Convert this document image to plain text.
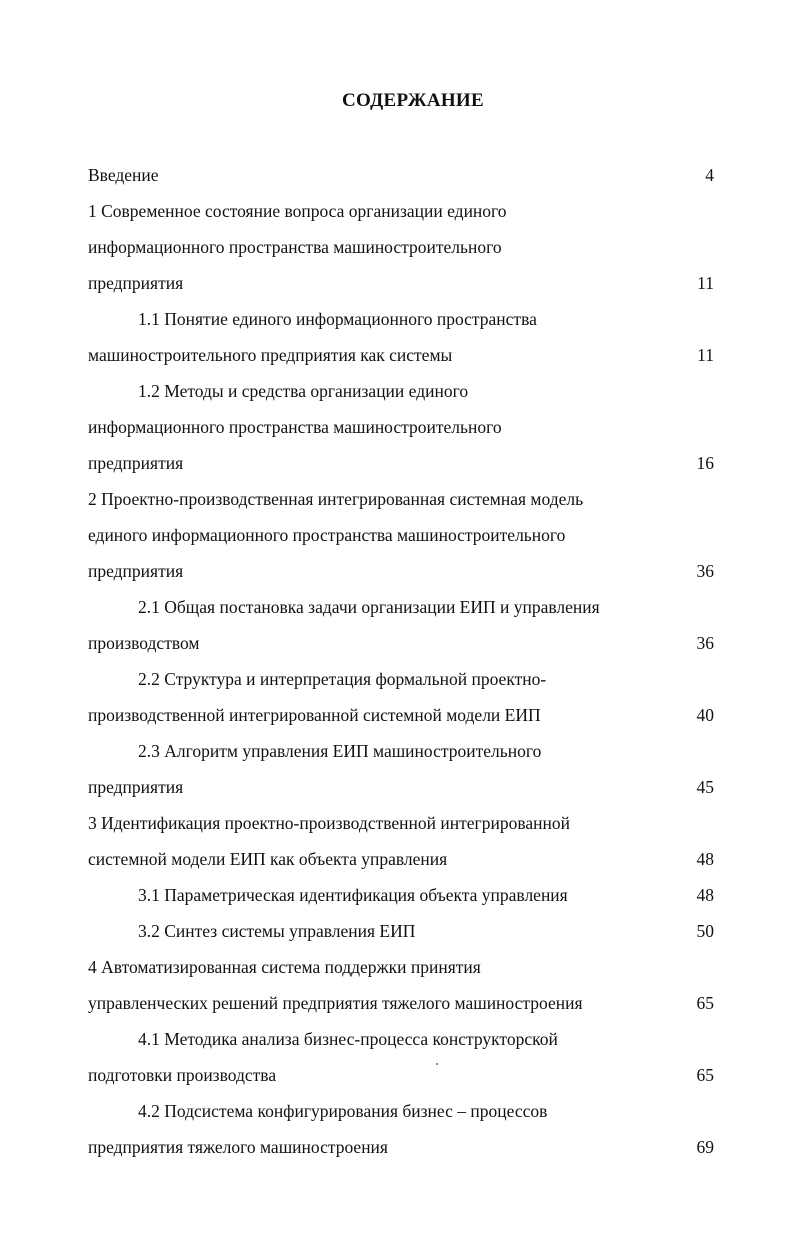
СОДЕРЖАНИЕ
Введение	4
1 Современное состояние вопроса организации единого
информационного пространства машиностроительного
предприятия	11
1.1 Понятие единого информационного пространства
машиностроительного предприятия как системы	11
1.2 Методы и средства организации единого
информационного пространства машиностроительного
предприятия	16
2 Проектно-производственная интегрированная системная модель
единого информационного пространства машиностроительного
предприятия	36
2.1 Общая постановка задачи организации ЕИП и управления
производством	36
2.2 Структура и интерпретация формальной проектно-
производственной интегрированной системной модели ЕИП	40
2.3 Алгоритм управления ЕИП машиностроительного
предприятия	45
3 Идентификация проектно-производственной интегрированной
системной модели ЕИП как объекта управления	48
3.1 Параметрическая идентификация объекта управления	48
3.2 Синтез системы управления ЕИП	50
4 Автоматизированная система поддержки принятия
управленческих решений предприятия тяжелого машиностроения	65
4.1 Методика анализа бизнес-процесса конструкторской
подготовки производства	65
4.2 Подсистема конфигурирования бизнес – процессов
предприятия тяжелого машиностроения	69
